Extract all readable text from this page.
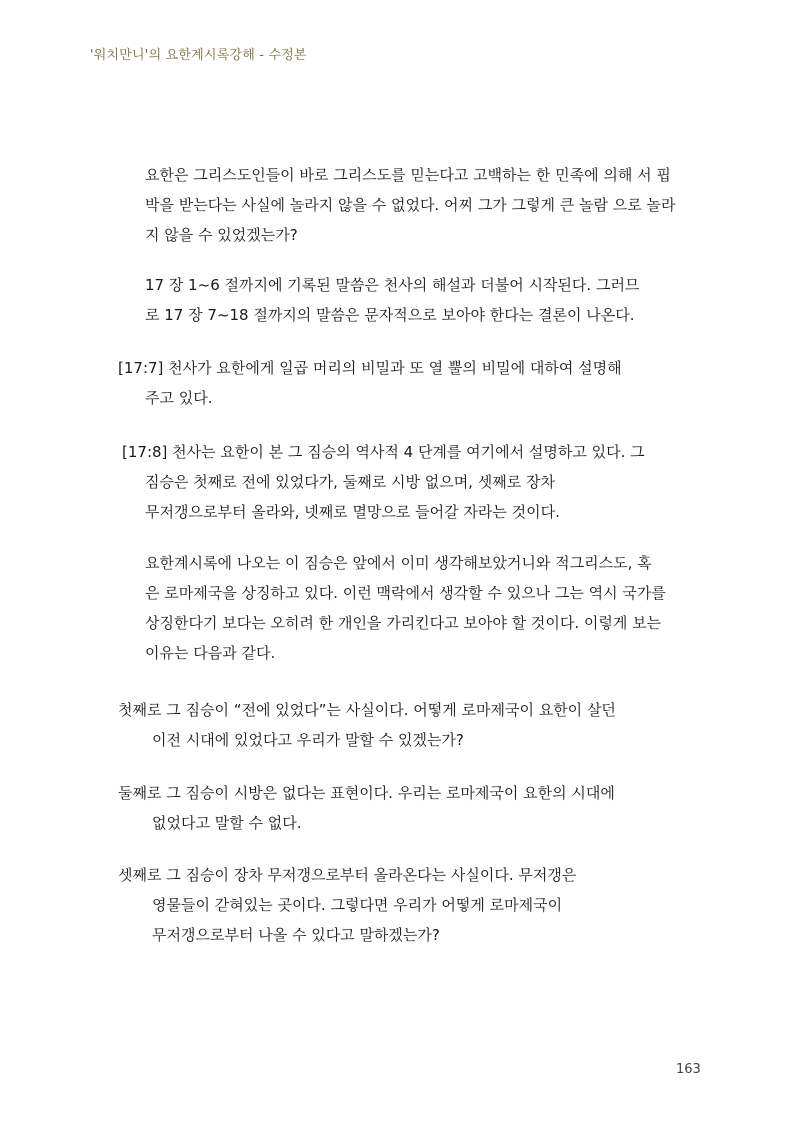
'워치만니'의 요한계시록강해 - 수정본
요한은 그리스도인들이 바로 그리스도를 믿는다고 고백하는 한 민족에 의해 서 핍
박을 받는다는 사실에 놀라지 않을 수 없었다. 어찌 그가 그렇게 큰 놀람 으로 놀라
지 않을 수 있었겠는가?
17 장 1~6 절까지에 기록된 말씀은 천사의 해설과 더불어 시작된다. 그러므
로 17 장 7~18 절까지의 말씀은 문자적으로 보아야 한다는 결론이 나온다.
[17:7] 천사가 요한에게 일곱 머리의 비밀과 또 열 뿔의 비밀에 대하여 설명해
주고 있다.
[17:8] 천사는 요한이 본 그 짐승의 역사적 4 단계를 여기에서 설명하고 있다. 그
짐승은 첫째로 전에 있었다가, 둘째로 시방 없으며, 셋째로 장차
무저갱으로부터 올라와, 넷째로 멸망으로 들어갈 자라는 것이다.
요한계시록에 나오는 이 짐승은 앞에서 이미 생각해보았거니와 적그리스도, 혹
은 로마제국을 상징하고 있다. 이런 맥락에서 생각할 수 있으나 그는 역시 국가를
상징한다기 보다는 오히려 한 개인을 가리킨다고 보아야 할 것이다. 이렇게 보는
이유는 다음과 같다.
첫째로 그 짐승이 “전에 있었다”는 사실이다. 어떻게 로마제국이 요한이 살던
이전 시대에 있었다고 우리가 말할 수 있겠는가?
둘째로 그 짐승이 시방은 없다는 표현이다. 우리는 로마제국이 요한의 시대에
없었다고 말할 수 없다.
셋째로 그 짐승이 장차 무저갱으로부터 올라온다는 사실이다. 무저갱은
영물들이 갇혀있는 곳이다. 그렇다면 우리가 어떻게 로마제국이
무저갱으로부터 나올 수 있다고 말하겠는가?
163
